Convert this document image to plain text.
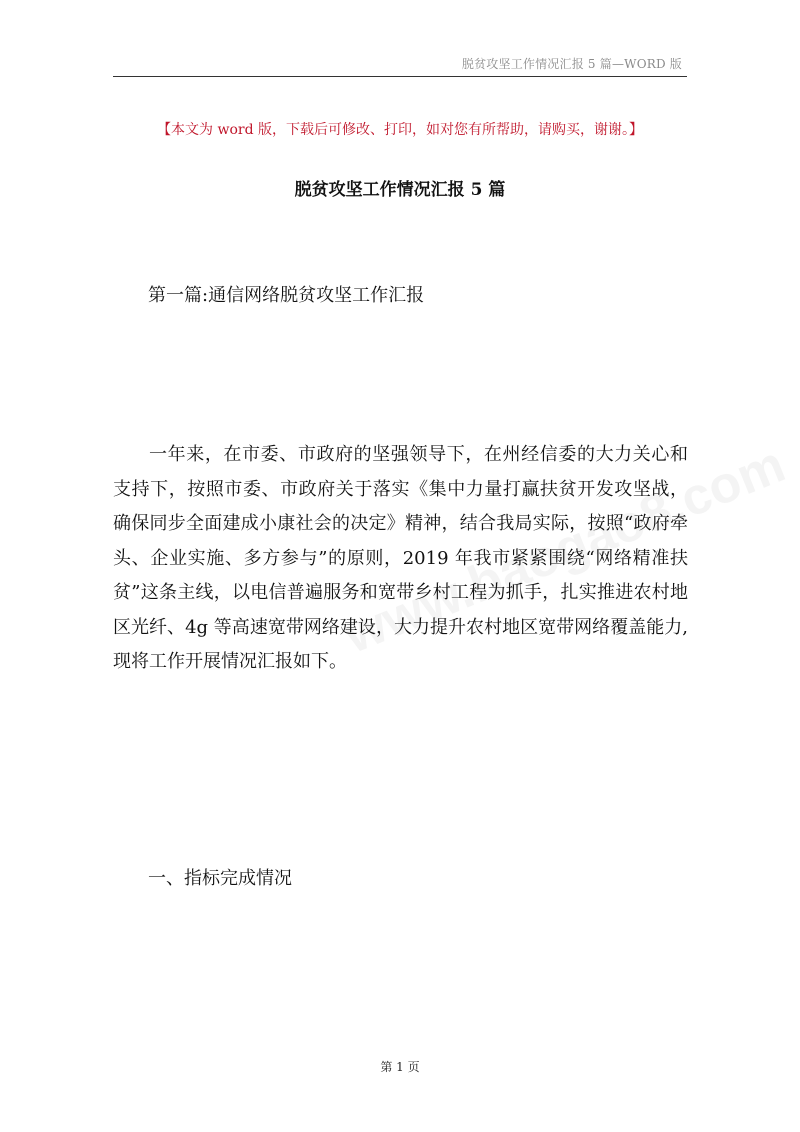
脱贫攻坚工作情况汇报 5 篇—WORD 版
【本文为 word 版，下载后可修改、打印，如对您有所帮助，请购买，谢谢。】
脱贫攻坚工作情况汇报 5 篇
第一篇:通信网络脱贫攻坚工作汇报

一年来，在市委、市政府的坚强领导下，在州经信委的大力关心和支持下，按照市委、市政府关于落实《集中力量打赢扶贫开发攻坚战，确保同步全面建成小康社会的决定》精神，结合我局实际，按照“政府牵头、企业实施、多方参与”的原则，2019 年我市紧紧围绕“网络精准扶贫”这条主线，以电信普遍服务和宽带乡村工程为抓手，扎实推进农村地区光纤、4g 等高速宽带网络建设，大力提升农村地区宽带网络覆盖能力,现将工作开展情况汇报如下。

一、指标完成情况
第 1 页
